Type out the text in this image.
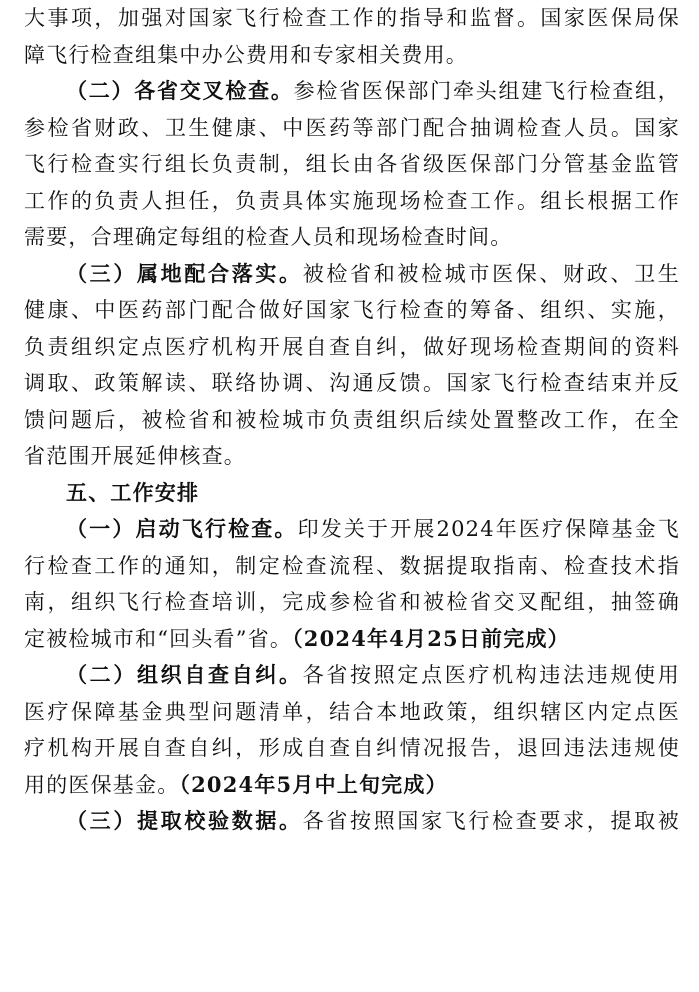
大事项，加强对国家飞行检查工作的指导和监督。国家医保局保
障飞行检查组集中办公费用和专家相关费用。
（二）各省交叉检查。参检省医保部门牵头组建飞行检查组，
参检省财政、卫生健康、中医药等部门配合抽调检查人员。国家
飞行检查实行组长负责制，组长由各省级医保部门分管基金监管
工作的负责人担任，负责具体实施现场检查工作。组长根据工作
需要，合理确定每组的检查人员和现场检查时间。
（三）属地配合落实。被检省和被检城市医保、财政、卫生
健康、中医药部门配合做好国家飞行检查的筹备、组织、实施，
负责组织定点医疗机构开展自查自纠，做好现场检查期间的资料
调取、政策解读、联络协调、沟通反馈。国家飞行检查结束并反
馈问题后，被检省和被检城市负责组织后续处置整改工作，在全
省范围开展延伸核查。
五、工作安排
（一）启动飞行检查。印发关于开展2024年医疗保障基金飞
行检查工作的通知，制定检查流程、数据提取指南、检查技术指
南，组织飞行检查培训，完成参检省和被检省交叉配组，抽签确
定被检城市和“回头看”省。（2024年4月25日前完成）
（二）组织自查自纠。各省按照定点医疗机构违法违规使用
医疗保障基金典型问题清单，结合本地政策，组织辖区内定点医
疗机构开展自查自纠，形成自查自纠情况报告，退回违法违规使
用的医保基金。（2024年5月中上旬完成）
（三）提取校验数据。各省按照国家飞行检查要求，提取被
